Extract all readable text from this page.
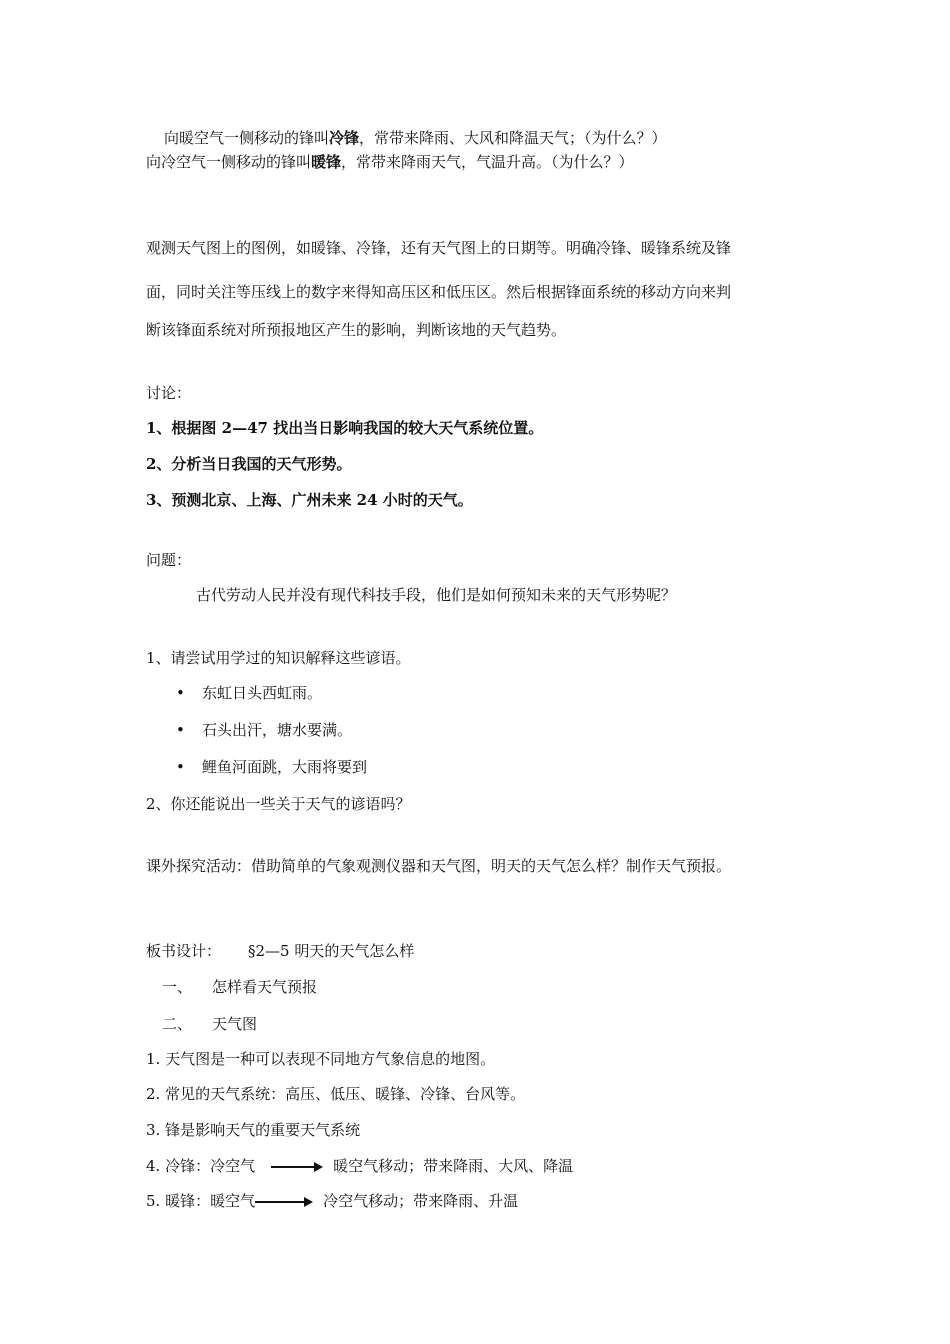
向暖空气一侧移动的锋叫冷锋，常带来降雨、大风和降温天气；（为什么？）
向冷空气一侧移动的锋叫暖锋，常带来降雨天气，气温升高。（为什么？）
观测天气图上的图例，如暖锋、冷锋，还有天气图上的日期等。明确冷锋、暖锋系统及锋
面，同时关注等压线上的数字来得知高压区和低压区。然后根据锋面系统的移动方向来判
断该锋面系统对所预报地区产生的影响，判断该地的天气趋势。
讨论：
1、根据图 2—47 找出当日影响我国的较大天气系统位置。
2、分析当日我国的天气形势。
3、预测北京、上海、广州未来 24 小时的天气。
问题：
古代劳动人民并没有现代科技手段，他们是如何预知未来的天气形势呢？
1、请尝试用学过的知识解释这些谚语。
• 东虹日头西虹雨。
• 石头出汗，塘水要满。
• 鲤鱼河面跳，大雨将要到
2、你还能说出一些关于天气的谚语吗？
课外探究活动：借助简单的气象观测仪器和天气图，明天的天气怎么样？制作天气预报。
板书设计： §2—5 明天的天气怎么样
一、 怎样看天气预报
二、 天气图
1. 天气图是一种可以表现不同地方气象信息的地图。
2. 常见的天气系统：高压、低压、暖锋、冷锋、台风等。
3. 锋是影响天气的重要天气系统
4. 冷锋：冷空气	暖空气移动；带来降雨、大风、降温
5. 暖锋：暖空气	冷空气移动；带来降雨、升温
